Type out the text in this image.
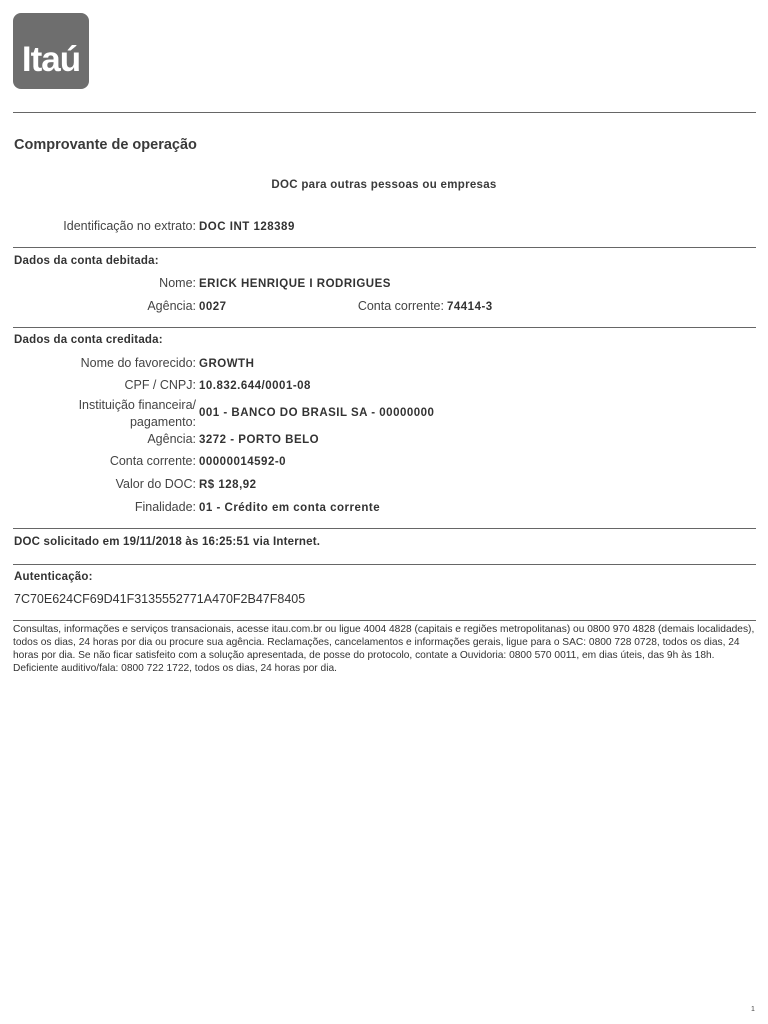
Itaú
Comprovante de operação
DOC para outras pessoas ou empresas
Identificação no extrato: DOC INT 128389
Dados da conta debitada:
Nome: ERICK HENRIQUE I RODRIGUES
Agência: 0027	Conta corrente: 74414-3
Dados da conta creditada:
Nome do favorecido: GROWTH
CPF / CNPJ: 10.832.644/0001-08
Instituição financeira/
pagamento:
001 - BANCO DO BRASIL SA - 00000000
Agência: 3272 - PORTO BELO
Conta corrente: 00000014592-0
Valor do DOC: R$ 128,92
Finalidade: 01 - Crédito em conta corrente
DOC solicitado em 19/11/2018 às 16:25:51 via Internet.
Autenticação:
7C70E624CF69D41F3135552771A470F2B47F8405
Consultas, informações e serviços transacionais, acesse itau.com.br ou ligue 4004 4828 (capitais e regiões metropolitanas) ou 0800 970 4828 (demais localidades), todos os dias, 24 horas por dia ou procure sua agência. Reclamações, cancelamentos e informações gerais, ligue para o SAC: 0800 728 0728, todos os dias, 24 horas por dia. Se não ficar satisfeito com a solução apresentada, de posse do protocolo, contate a Ouvidoria: 0800 570 0011, em dias úteis, das 9h às 18h. Deficiente auditivo/fala: 0800 722 1722, todos os dias, 24 horas por dia.
1
